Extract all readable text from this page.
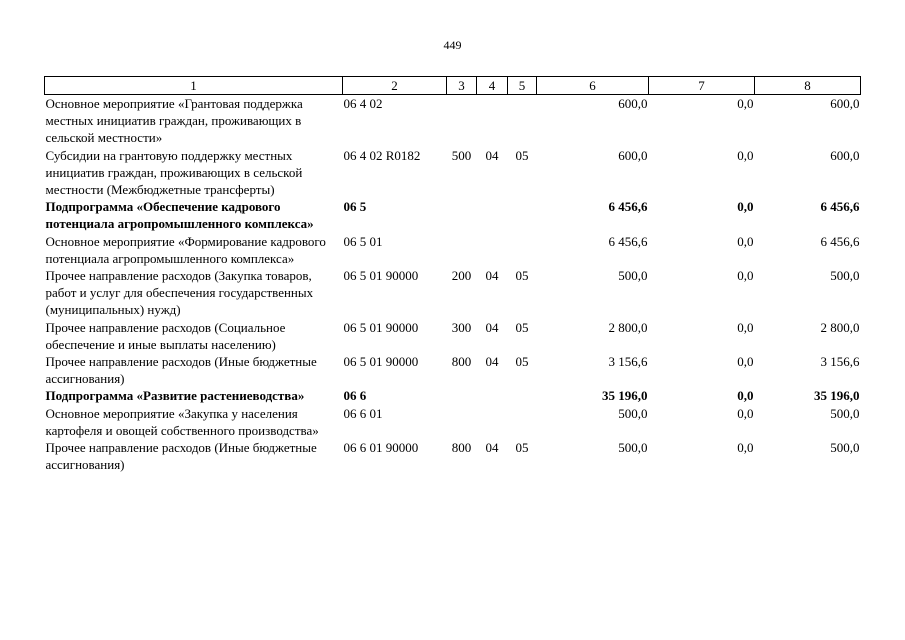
449
1	2	3	4	5	6	7	8
Основное мероприятие «Грантовая поддержка местных инициатив граждан, проживающих в сельской местности»	06 4 02				600,0	0,0	600,0
Субсидии на грантовую поддержку местных инициатив граждан, проживающих в сельской местности (Межбюджетные трансферты)	06 4 02 R0182	500	04	05	600,0	0,0	600,0
Подпрограмма «Обеспечение кадрового потенциала агропромышленного комплекса»	06 5				6 456,6	0,0	6 456,6
Основное мероприятие «Формирование кадрового потенциала агропромышленного комплекса»	06 5 01				6 456,6	0,0	6 456,6
Прочее направление расходов (Закупка товаров, работ и услуг для обеспечения государственных (муниципальных) нужд)	06 5 01 90000	200	04	05	500,0	0,0	500,0
Прочее направление расходов (Социальное обеспечение и иные выплаты населению)	06 5 01 90000	300	04	05	2 800,0	0,0	2 800,0
Прочее направление расходов (Иные бюджетные ассигнования)	06 5 01 90000	800	04	05	3 156,6	0,0	3 156,6
Подпрограмма «Развитие растениеводства»	06 6				35 196,0	0,0	35 196,0
Основное мероприятие «Закупка у населения картофеля и овощей собственного производства»	06 6 01				500,0	0,0	500,0
Прочее направление расходов (Иные бюджетные ассигнования)	06 6 01 90000	800	04	05	500,0	0,0	500,0
